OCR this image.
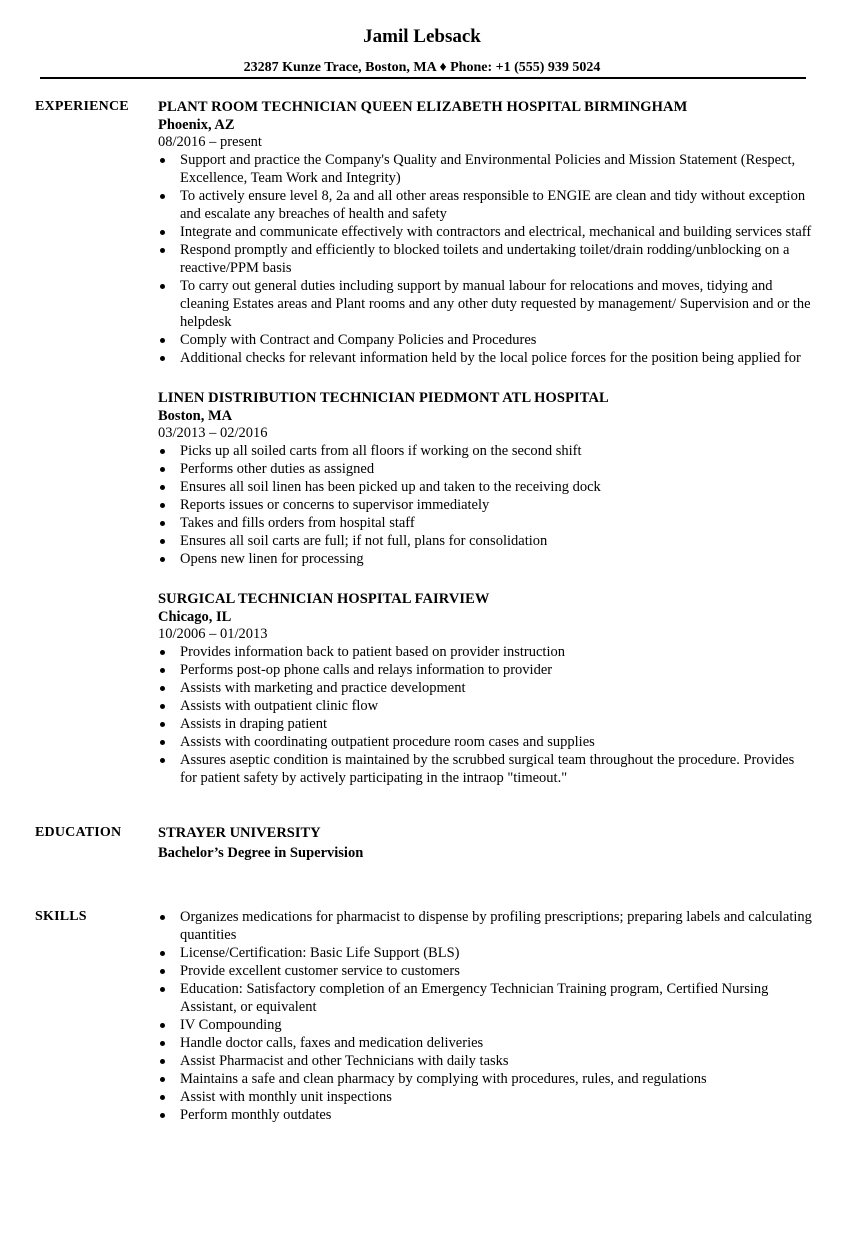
Jamil Lebsack
23287 Kunze Trace, Boston, MA ♦ Phone: +1 (555) 939 5024
EXPERIENCE PLANT ROOM TECHNICIAN QUEEN ELIZABETH HOSPITAL BIRMINGHAM
Phoenix, AZ
08/2016 – present
Support and practice the Company's Quality and Environmental Policies and Mission Statement (Respect, Excellence, Team Work and Integrity)
To actively ensure level 8, 2a and all other areas responsible to ENGIE are clean and tidy without exception and escalate any breaches of health and safety
Integrate and communicate effectively with contractors and electrical, mechanical and building services staff
Respond promptly and efficiently to blocked toilets and undertaking toilet/drain rodding/unblocking on a reactive/PPM basis
To carry out general duties including support by manual labour for relocations and moves, tidying and cleaning Estates areas and Plant rooms and any other duty requested by management/ Supervision and or the helpdesk
Comply with Contract and Company Policies and Procedures
Additional checks for relevant information held by the local police forces for the position being applied for
LINEN DISTRIBUTION TECHNICIAN PIEDMONT ATL HOSPITAL
Boston, MA
03/2013 – 02/2016
Picks up all soiled carts from all floors if working on the second shift
Performs other duties as assigned
Ensures all soil linen has been picked up and taken to the receiving dock
Reports issues or concerns to supervisor immediately
Takes and fills orders from hospital staff
Ensures all soil carts are full; if not full, plans for consolidation
Opens new linen for processing
SURGICAL TECHNICIAN HOSPITAL FAIRVIEW
Chicago, IL
10/2006 – 01/2013
Provides information back to patient based on provider instruction
Performs post-op phone calls and relays information to provider
Assists with marketing and practice development
Assists with outpatient clinic flow
Assists in draping patient
Assists with coordinating outpatient procedure room cases and supplies
Assures aseptic condition is maintained by the scrubbed surgical team throughout the procedure. Provides for patient safety by actively participating in the intraop "timeout."
EDUCATION	STRAYER UNIVERSITY
Bachelor’s Degree in Supervision
SKILLS	Organizes medications for pharmacist to dispense by profiling prescriptions; preparing labels and calculating quantities
License/Certification: Basic Life Support (BLS)
Provide excellent customer service to customers
Education: Satisfactory completion of an Emergency Technician Training program, Certified Nursing Assistant, or equivalent
IV Compounding
Handle doctor calls, faxes and medication deliveries
Assist Pharmacist and other Technicians with daily tasks
Maintains a safe and clean pharmacy by complying with procedures, rules, and regulations
Assist with monthly unit inspections
Perform monthly outdates
